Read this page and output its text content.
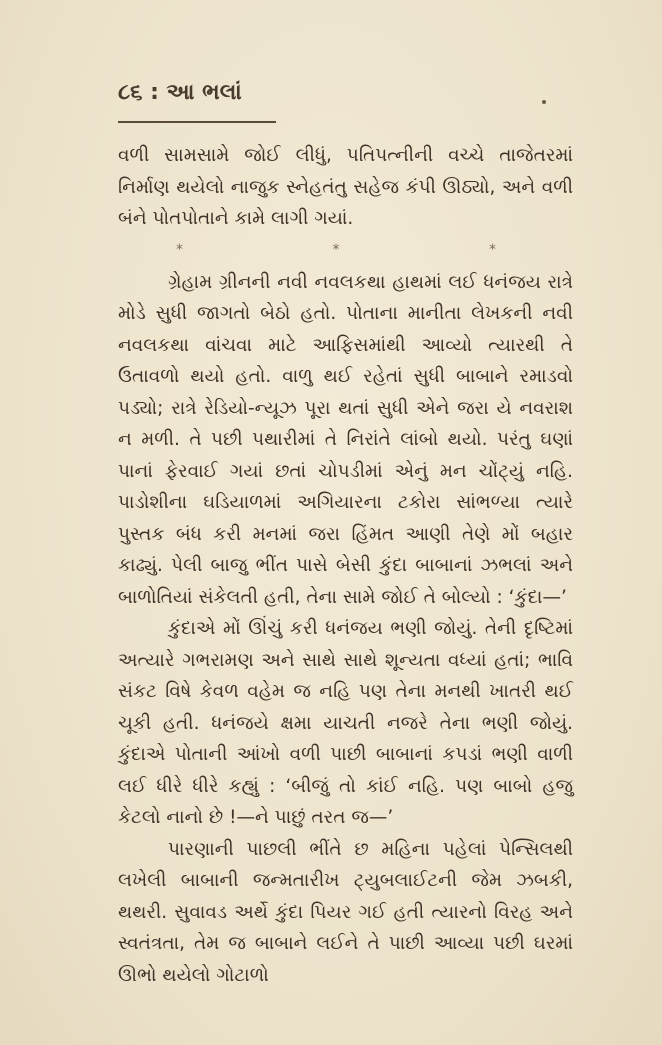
૮૬ : આ ભલાં

વળી સામસામે જોઈ લીધું, પતિપત્નીની વચ્ચે તાજેતરમાં નિર્માણ થયેલો નાજુક સ્નેહતંતુ સહેજ કંપી ઊઠ્યો, અને વળી બંને પોતપોતાને કામે લાગી ગયાં.

*	*	*

ગ્રેહામ ગ્રીનની નવી નવલકથા હાથમાં લઈ ધનંજય રાત્રે મોડે સુધી જાગતો બેઠો હતો. પોતાના માનીતા લેખકની નવી નવલકથા વાંચવા માટે આફિસમાંથી આવ્યો ત્યારથી તે ઉતાવળો થયો હતો. વાળુ થઈ રહેતાં સુધી બાબાને રમાડવો પડ્યો; રાત્રે રેડિયો-ન્યૂઝ પૂરા થતાં સુધી એને જરા યે નવરાશ ન મળી. તે પછી પથારીમાં તે નિરાંતે લાંબો થયો. પરંતુ ઘણાં પાનાં ફેરવાઈ ગયાં છતાં ચોપડીમાં એનું મન ચોંટ્યું નહિ. પાડોશીના ઘડિયાળમાં અગિયારના ટકોરા સાંભળ્યા ત્યારે પુસ્તક બંધ કરી મનમાં જરા હિંમત આણી તેણે મોં બહાર કાઢ્યું. પેલી બાજુ ભીંત પાસે બેસી કુંદા બાબાનાં ઝભલાં અને બાળોતિયાં સંકેલતી હતી, તેના સામે જોઈ તે બોલ્યો : ‘કુંદા—’

કુંદાએ મોં ઊંચું કરી ધનંજય ભણી જોયું. તેની દૃષ્ટિમાં અત્યારે ગભરામણ અને સાથે સાથે શૂન્યતા વધ્યાં હતાં; ભાવિ સંકટ વિષે કેવળ વહેમ જ નહિ પણ તેના મનથી ખાતરી થઈ ચૂકી હતી. ધનંજયે ક્ષમા યાચતી નજરે તેના ભણી જોયું. કુંદાએ પોતાની આંખો વળી પાછી બાબાનાં કપડાં ભણી વાળી લઈ ધીરે ધીરે કહ્યું : ‘બીજું તો કાંઈ નહિ. પણ બાબો હજુ કેટલો નાનો છે !—ને પાછું તરત જ—’

પારણાની પાછલી ભીંતે છ મહિના પહેલાં પેન્સિલથી લખેલી બાબાની જન્મતારીખ ટ્યુબલાઈટની જેમ ઝબકી, થથરી. સુવાવડ અર્થે કુંદા પિયર ગઈ હતી ત્યારનો વિરહ અને સ્વતંત્રતા, તેમ જ બાબાને લઈને તે પાછી આવ્યા પછી ઘરમાં ઊભો થયેલો ગોટાળો
